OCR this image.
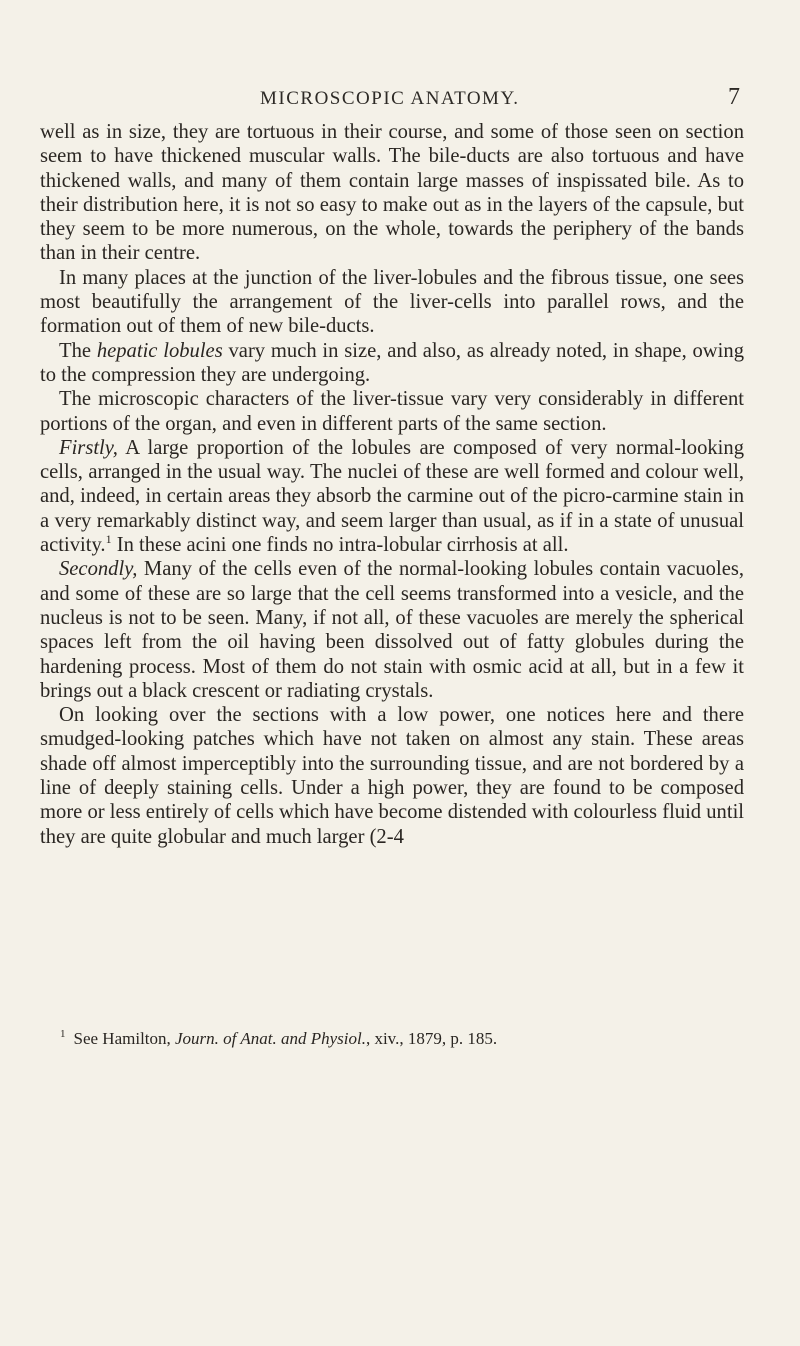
MICROSCOPIC ANATOMY.	7

well as in size, they are tortuous in their course, and some of those seen on section seem to have thickened muscular walls. The bile-ducts are also tortuous and have thickened walls, and many of them contain large masses of inspissated bile. As to their distribution here, it is not so easy to make out as in the layers of the capsule, but they seem to be more numerous, on the whole, towards the periphery of the bands than in their centre.

In many places at the junction of the liver-lobules and the fibrous tissue, one sees most beautifully the arrangement of the liver-cells into parallel rows, and the formation out of them of new bile-ducts.

The hepatic lobules vary much in size, and also, as already noted, in shape, owing to the compression they are undergoing.

The microscopic characters of the liver-tissue vary very considerably in different portions of the organ, and even in different parts of the same section.

Firstly, A large proportion of the lobules are composed of very normal-looking cells, arranged in the usual way. The nuclei of these are well formed and colour well, and, indeed, in certain areas they absorb the carmine out of the picro-carmine stain in a very remarkably distinct way, and seem larger than usual, as if in a state of unusual activity.$^1$ In these acini one finds no intra-lobular cirrhosis at all.

Secondly, Many of the cells even of the normal-looking lobules contain vacuoles, and some of these are so large that the cell seems transformed into a vesicle, and the nucleus is not to be seen. Many, if not all, of these vacuoles are merely the spherical spaces left from the oil having been dissolved out of fatty globules during the hardening process. Most of them do not stain with osmic acid at all, but in a few it brings out a black crescent or radiating crystals.

On looking over the sections with a low power, one notices here and there smudged-looking patches which have not taken on almost any stain. These areas shade off almost imperceptibly into the surrounding tissue, and are not bordered by a line of deeply staining cells. Under a high power, they are found to be composed more or less entirely of cells which have become distended with colourless fluid until they are quite globular and much larger (2-4

$^1$ See Hamilton, Journ. of Anat. and Physiol., xiv., 1879, p. 185.
